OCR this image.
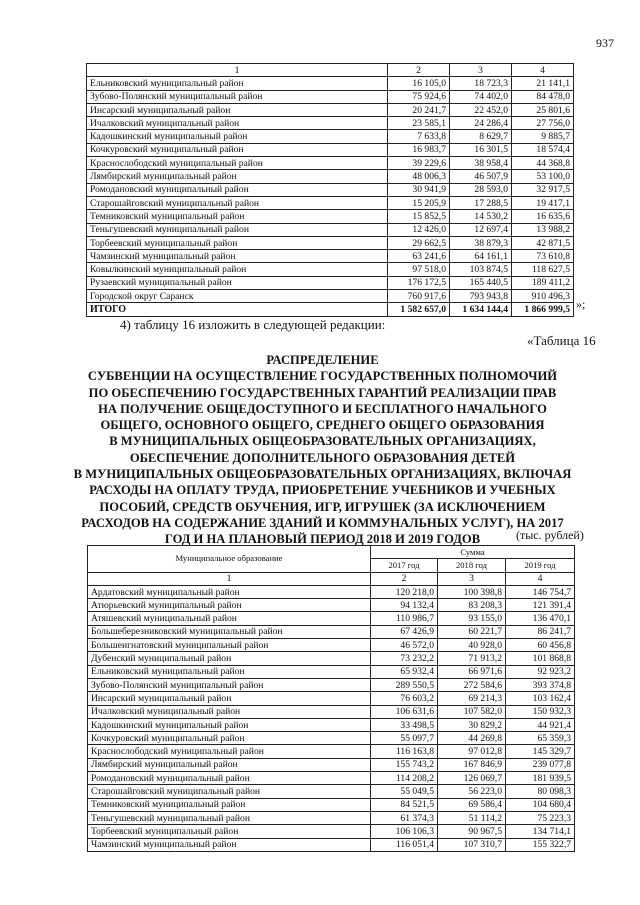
937
1	2	3	4
Ельниковский муниципальный район	16 105,0	18 723,3	21 141,1
Зубово-Полянский муниципальный район	75 924,6	74 402,0	84 478,0
Инсарский муниципальный район	20 241,7	22 452,0	25 801,6
Ичалковский муниципальный район	23 585,1	24 286,4	27 756,0
Кадошкинский муниципальный район	7 633,8	8 629,7	9 885,7
Кочкуровский муниципальный район	16 983,7	16 301,5	18 574,4
Краснослободский муниципальный район	39 229,6	38 958,4	44 368,8
Лямбирский муниципальный район	48 006,3	46 507,9	53 100,0
Ромодановский муниципальный район	30 941,9	28 593,0	32 917,5
Старошайговский муниципальный район	15 205,9	17 288,5	19 417,1
Темниковский муниципальный район	15 852,5	14 530,2	16 635,6
Теньгушевский муниципальный район	12 426,0	12 697,4	13 988,2
Торбеевский муниципальный район	29 662,5	38 879,3	42 871,5
Чамзинский муниципальный район	63 241,6	64 161,1	73 610,8
Ковылкинский муниципальный район	97 518,0	103 874,5	118 627,5
Рузаевский муниципальный район	176 172,5	165 440,5	189 411,2
Городской округ Саранск	760 917,6	793 943,8	910 496,3
ИТОГО	1 582 657,0	1 634 144,4	1 866 999,5 »;
4) таблицу 16 изложить в следующей редакции:
«Таблица 16
РАСПРЕДЕЛЕНИЕ
СУБВЕНЦИИ НА ОСУЩЕСТВЛЕНИЕ ГОСУДАРСТВЕННЫХ ПОЛНОМОЧИЙ
ПО ОБЕСПЕЧЕНИЮ ГОСУДАРСТВЕННЫХ ГАРАНТИЙ РЕАЛИЗАЦИИ ПРАВ
НА ПОЛУЧЕНИЕ ОБЩЕДОСТУПНОГО И БЕСПЛАТНОГО НАЧАЛЬНОГО
ОБЩЕГО, ОСНОВНОГО ОБЩЕГО, СРЕДНЕГО ОБЩЕГО ОБРАЗОВАНИЯ
В МУНИЦИПАЛЬНЫХ ОБЩЕОБРАЗОВАТЕЛЬНЫХ ОРГАНИЗАЦИЯХ,
ОБЕСПЕЧЕНИЕ ДОПОЛНИТЕЛЬНОГО ОБРАЗОВАНИЯ ДЕТЕЙ
В МУНИЦИПАЛЬНЫХ ОБЩЕОБРАЗОВАТЕЛЬНЫХ ОРГАНИЗАЦИЯХ, ВКЛЮЧАЯ
РАСХОДЫ НА ОПЛАТУ ТРУДА, ПРИОБРЕТЕНИЕ УЧЕБНИКОВ И УЧЕБНЫХ
ПОСОБИЙ, СРЕДСТВ ОБУЧЕНИЯ, ИГР, ИГРУШЕК (ЗА ИСКЛЮЧЕНИЕМ
РАСХОДОВ НА СОДЕРЖАНИЕ ЗДАНИЙ И КОММУНАЛЬНЫХ УСЛУГ), НА 2017
ГОД И НА ПЛАНОВЫЙ ПЕРИОД 2018 И 2019 ГОДОВ	(тыс. рублей)
Муниципальное образование	Сумма		
	2017 год	2018 год	2019 год
1	2	3	4
Ардатовский муниципальный район	120 218,0	100 398,8	146 754,7
Атюрьевский муниципальный район	94 132,4	83 208,3	121 391,4
Атяшевский муниципальный район	110 986,7	93 155,0	136 470,1
Большеберезниковский муниципальный район	67 426,9	60 221,7	86 241,7
Большеигнатовский муниципальный район	46 572,0	40 928,0	60 456,8
Дубенский муниципальный район	73 232,2	71 913,2	101 868,8
Ельниковский муниципальный район	65 932,4	66 971,6	92 923,2
Зубово-Полянский муниципальный район	289 550,5	272 584,6	393 374,8
Инсарский муниципальный район	76 603,2	69 214,3	103 162,4
Ичалковский муниципальный район	106 631,6	107 582,0	150 932,3
Кадошкинский муниципальный район	33 498,5	30 829,2	44 921,4
Кочкуровский муниципальный район	55 097,7	44 269,8	65 359,3
Краснослободский муниципальный район	116 163,8	97 012,8	145 329,7
Лямбирский муниципальный район	155 743,2	167 846,9	239 077,8
Ромодановский муниципальный район	114 208,2	126 069,7	181 939,5
Старошайговский муниципальный район	55 049,5	56 223,0	80 098,3
Темниковский муниципальный район	84 521,5	69 586,4	104 680,4
Теньгушевский муниципальный район	61 374,3	51 114,2	75 223,3
Торбеевский муниципальный район	106 106,3	90 967,5	134 714,1
Чамзинский муниципальный район	116 051,4	107 310,7	155 322,7
